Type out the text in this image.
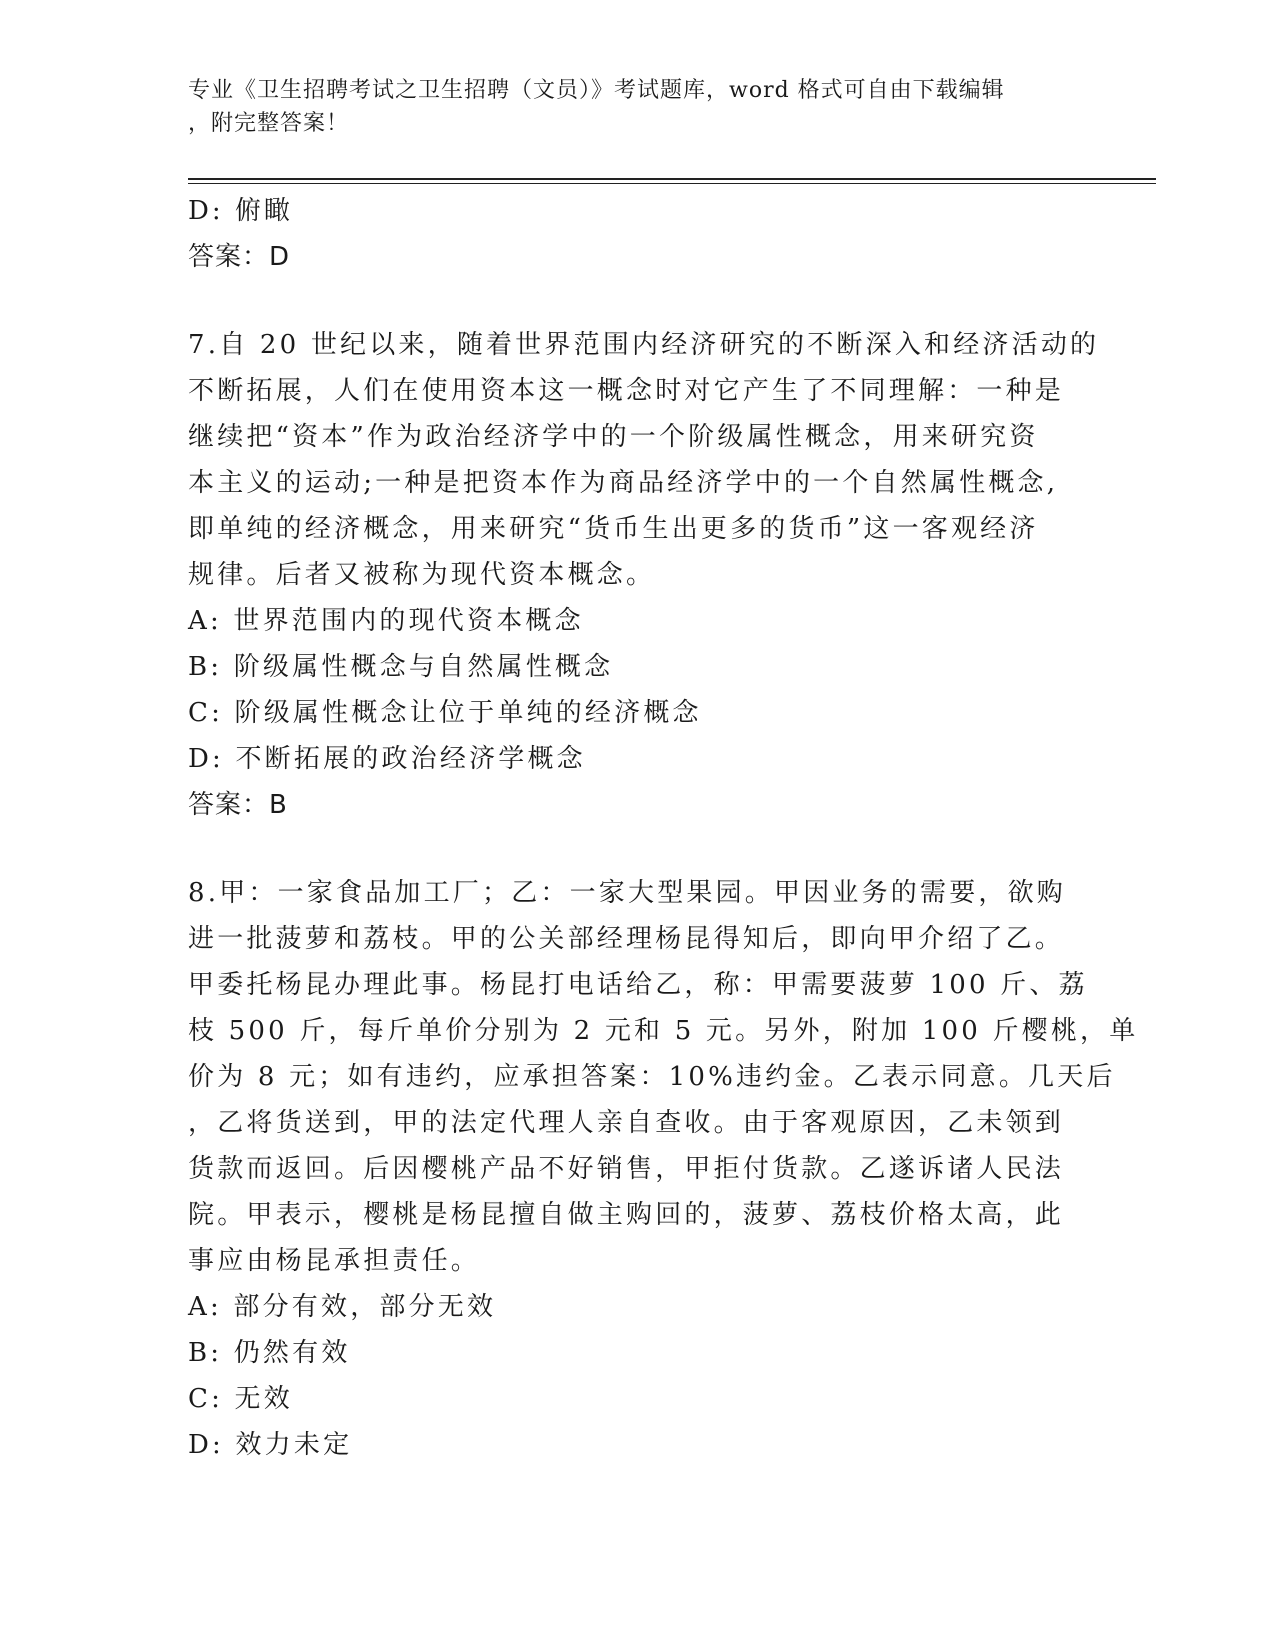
专业《卫生招聘考试之卫生招聘（文员）》考试题库，word 格式可自由下载编辑
，附完整答案！
D: 俯瞰
答案：D
7.自 20 世纪以来，随着世界范围内经济研究的不断深入和经济活动的
不断拓展，人们在使用资本这一概念时对它产生了不同理解：一种是
继续把“资本”作为政治经济学中的一个阶级属性概念，用来研究资
本主义的运动;一种是把资本作为商品经济学中的一个自然属性概念,
即单纯的经济概念，用来研究“货币生出更多的货币”这一客观经济
规律。后者又被称为现代资本概念。
A: 世界范围内的现代资本概念
B: 阶级属性概念与自然属性概念
C: 阶级属性概念让位于单纯的经济概念
D: 不断拓展的政治经济学概念
答案：B
8.甲：一家食品加工厂；乙：一家大型果园。甲因业务的需要，欲购
进一批菠萝和荔枝。甲的公关部经理杨昆得知后，即向甲介绍了乙。
甲委托杨昆办理此事。杨昆打电话给乙，称：甲需要菠萝 100 斤、荔
枝 500 斤，每斤单价分别为 2 元和 5 元。另外，附加 100 斤樱桃，单
价为 8 元；如有违约，应承担答案：10%违约金。乙表示同意。几天后
，乙将货送到，甲的法定代理人亲自查收。由于客观原因，乙未领到
货款而返回。后因樱桃产品不好销售，甲拒付货款。乙遂诉诸人民法
院。甲表示，樱桃是杨昆擅自做主购回的，菠萝、荔枝价格太高，此
事应由杨昆承担责任。
A: 部分有效，部分无效
B: 仍然有效
C: 无效
D: 效力未定
